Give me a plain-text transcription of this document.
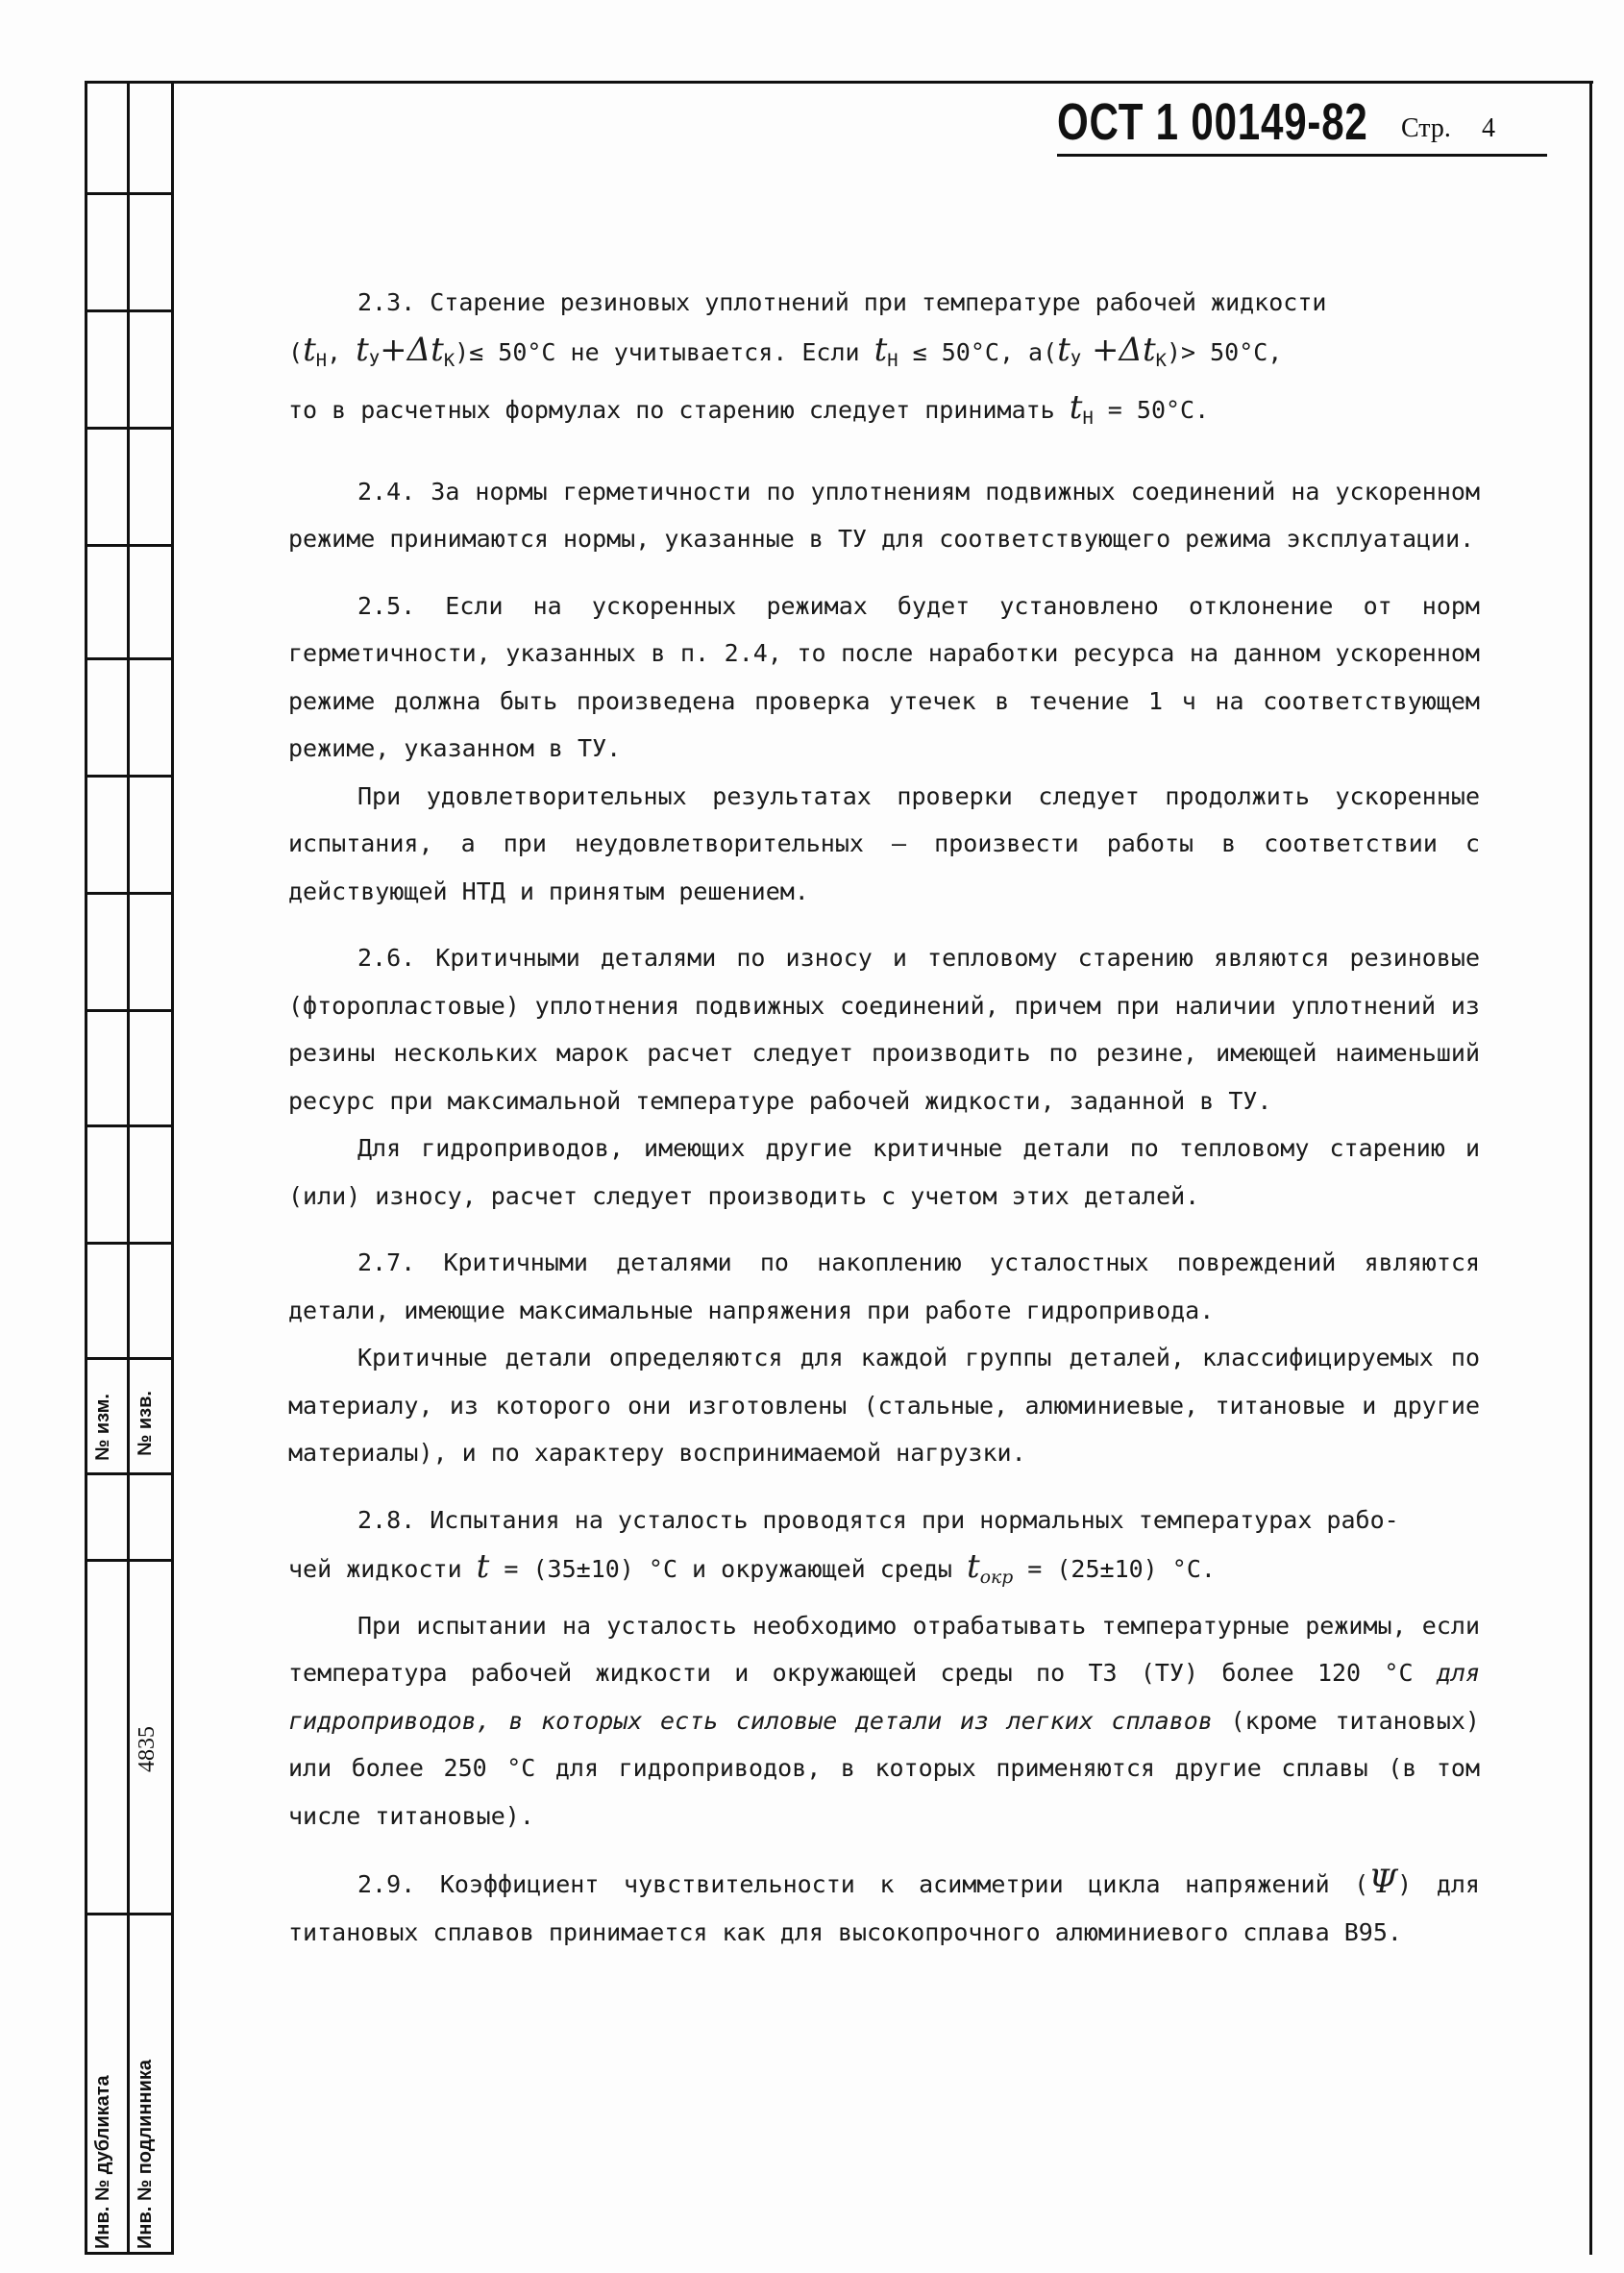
№ изм. № изв.
4835
Инв. № дубликата Инв. № подлинника
ОСТ 1 00149-82 Стр. 4

2.3. Старение резиновых уплотнений при температуре рабочей жидкости

($t_Н$, $t_У+\Delta t_К)\le 50^\circ C$ не учитывается. Если $t_Н \le 50^\circ C$, $а(t_У +\Delta t_К)> 50^\circ C$,

то в расчетных формулах по старению следует принимать $t_Н = 50^\circ C$.

2.4. За нормы герметичности по уплотнениям подвижных соединений на ускоренном режиме принимаются нормы, указанные в ТУ для соответствующего режима эксплуатации.

2.5. Если на ускоренных режимах будет установлено отклонение от норм герметичности, указанных в п. 2.4, то после наработки ресурса на данном ускоренном режиме должна быть произведена проверка утечек в течение 1 ч на соответствующем режиме, указанном в ТУ.

При удовлетворительных результатах проверки следует продолжить ускоренные испытания, а при неудовлетворительных – произвести работы в соответствии с действующей НТД и принятым решением.

2.6. Критичными деталями по износу и тепловому старению являются резиновые (фторопластовые) уплотнения подвижных соединений, причем при наличии уплотнений из резины нескольких марок расчет следует производить по резине, имеющей наименьший ресурс при максимальной температуре рабочей жидкости, заданной в ТУ.

Для гидроприводов, имеющих другие критичные детали по тепловому старению и (или) износу, расчет следует производить с учетом этих деталей.

2.7. Критичными деталями по накоплению усталостных повреждений являются детали, имеющие максимальные напряжения при работе гидропривода.

Критичные детали определяются для каждой группы деталей, классифицируемых по материалу, из которого они изготовлены (стальные, алюминиевые, титановые и другие материалы), и по характеру воспринимаемой нагрузки.

2.8. Испытания на усталость проводятся при нормальных температурах рабо-

чей жидкости t = (35±10) °C и окружающей среды $t_{окр} = (25\pm 10)$ °C.

При испытании на усталость необходимо отрабатывать температурные режимы, если температура рабочей жидкости и окружающей среды по ТЗ (ТУ) более 120 °C для гидроприводов, в которых есть силовые детали из легких сплавов (кроме титановых) или более 250 °C для гидроприводов, в которых применяются другие сплавы (в том числе титановые).

2.9. Коэффициент чувствительности к асимметрии цикла напряжений (Ψ) для титановых сплавов принимается как для высокопрочного алюминиевого сплава В95.
